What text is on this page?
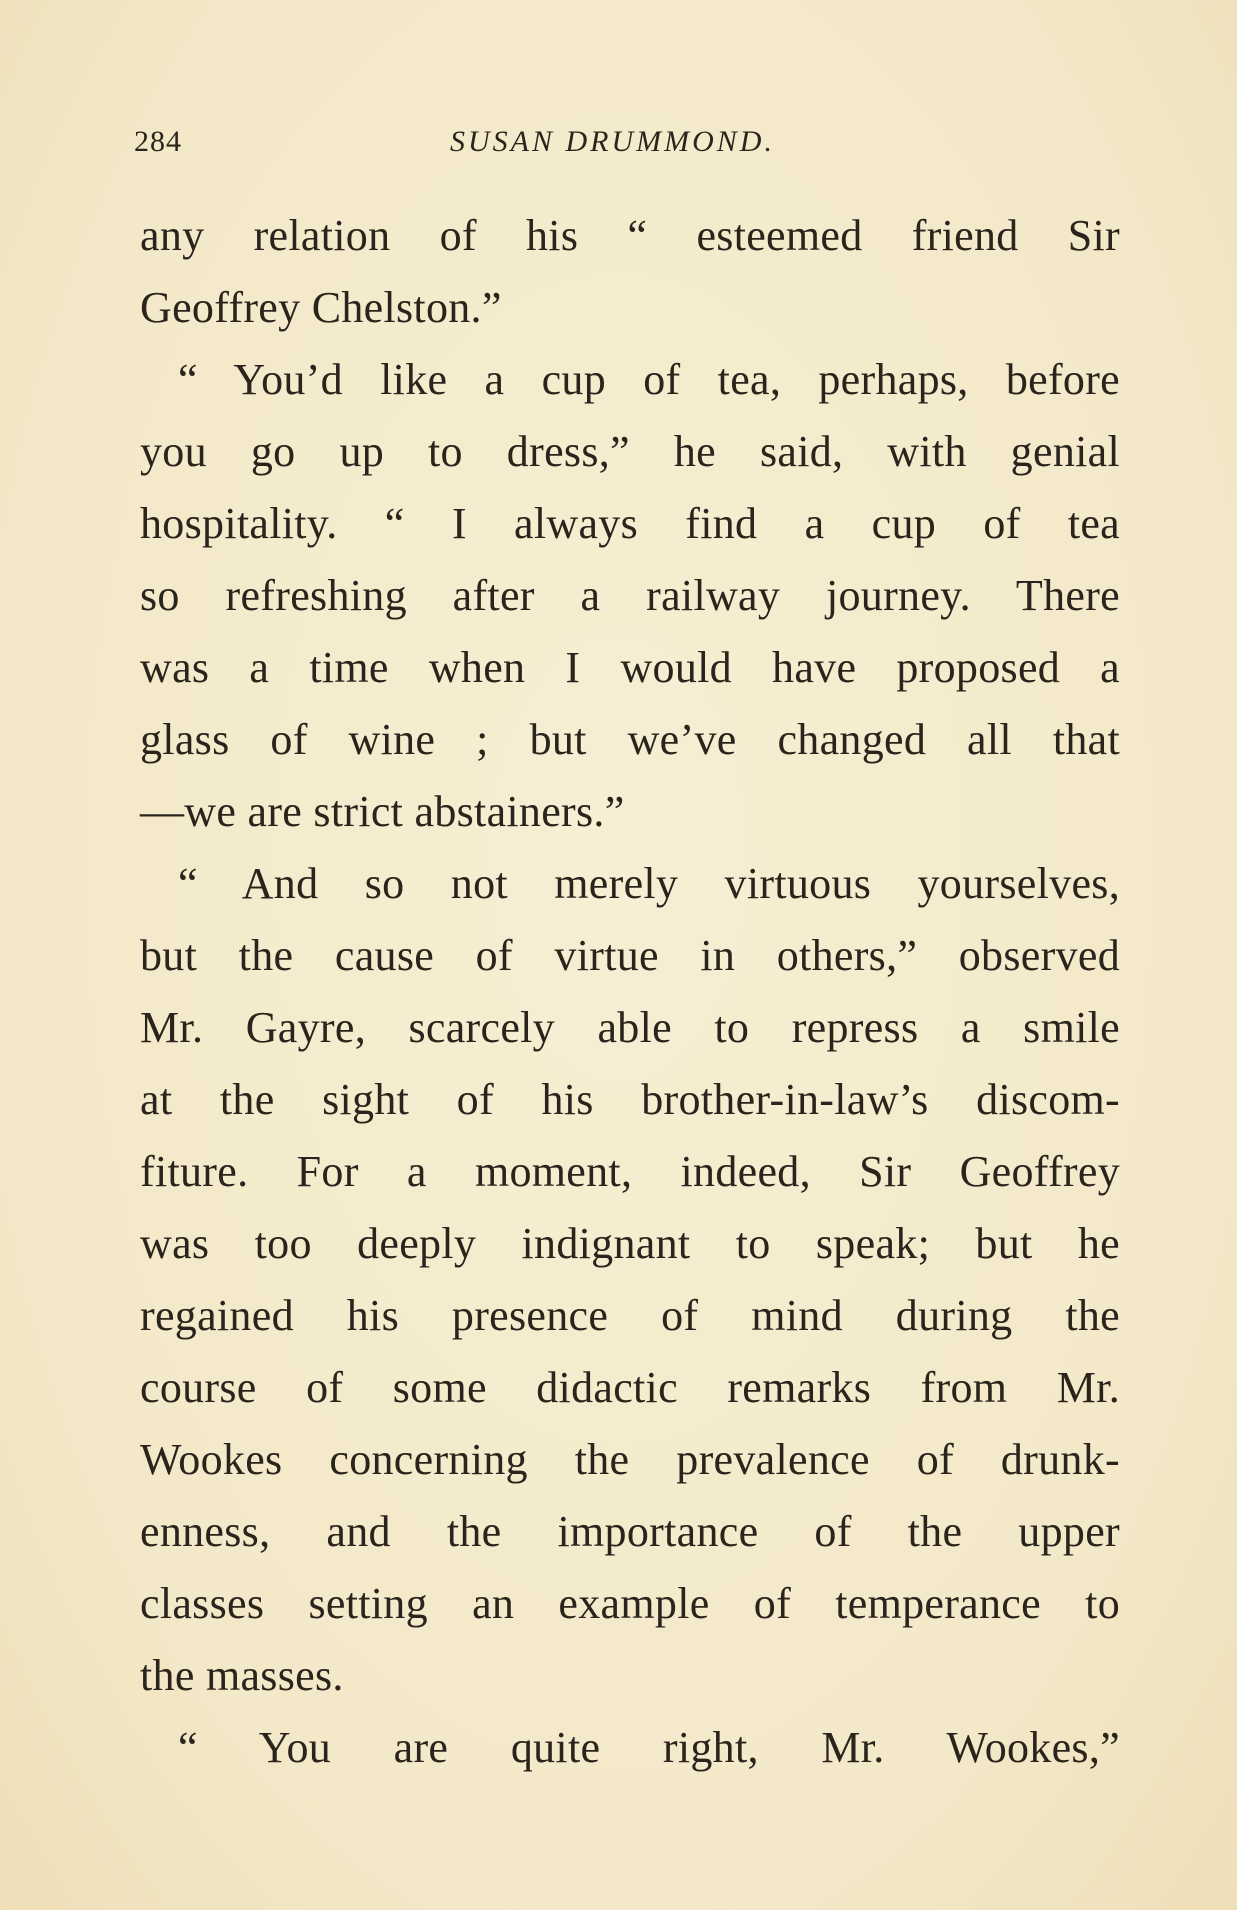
284	SUSAN DRUMMOND.
any relation of his “ esteemed friend Sir
Geoffrey Chelston.”
“ You’d like a cup of tea, perhaps, before
you go up to dress,” he said, with genial
hospitality. “ I always find a cup of tea
so refreshing after a railway journey. There
was a time when I would have proposed a
glass of wine ; but we’ve changed all that
—we are strict abstainers.”
“ And so not merely virtuous yourselves,
but the cause of virtue in others,” observed
Mr. Gayre, scarcely able to repress a smile
at the sight of his brother-in-law’s discom-
fiture. For a moment, indeed, Sir Geoffrey
was too deeply indignant to speak; but he
regained his presence of mind during the
course of some didactic remarks from Mr.
Wookes concerning the prevalence of drunk-
enness, and the importance of the upper
classes setting an example of temperance to
the masses.
“ You are quite right, Mr. Wookes,”
